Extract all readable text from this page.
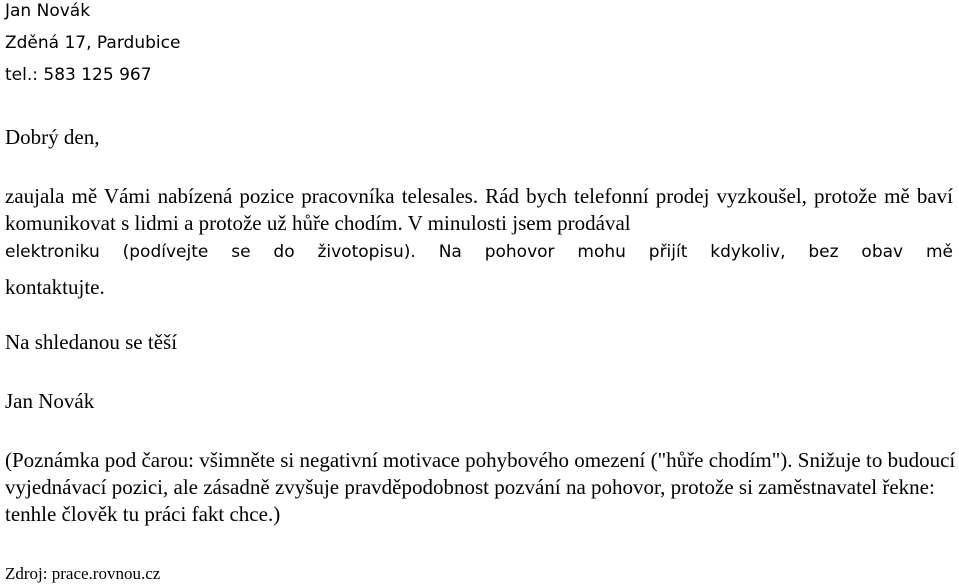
Jan Novák

Zděná 17, Pardubice

tel.: 583 125 967

Dobrý den,

zaujala mě Vámi nabízená pozice pracovníka telesales. Rád bych telefonní prodej vyzkoušel, protože mě baví komunikovat s lidmi a protože už hůře chodím. V minulosti jsem prodával

elektroniku (podívejte se do životopisu). Na pohovor mohu přijít kdykoliv, bez obav mě

kontaktujte.

Na shledanou se těší

Jan Novák

(Poznámka pod čarou: všimněte si negativní motivace pohybového omezení ("hůře chodím"). Snižuje to budoucí vyjednávací pozici, ale zásadně zvyšuje pravděpodobnost pozvání na pohovor, protože si zaměstnavatel řekne: tenhle člověk tu práci fakt chce.)

Zdroj: prace.rovnou.cz
